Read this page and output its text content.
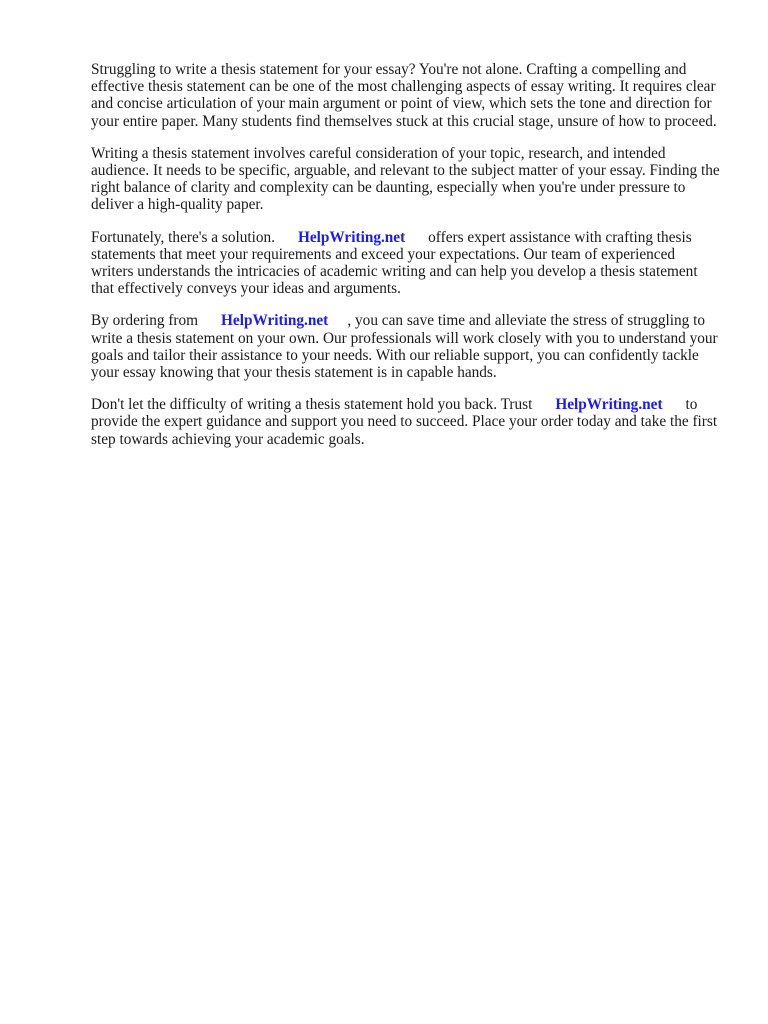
Struggling to write a thesis statement for your essay? You're not alone. Crafting a compelling and effective thesis statement can be one of the most challenging aspects of essay writing. It requires clear and concise articulation of your main argument or point of view, which sets the tone and direction for your entire paper. Many students find themselves stuck at this crucial stage, unsure of how to proceed.

Writing a thesis statement involves careful consideration of your topic, research, and intended audience. It needs to be specific, arguable, and relevant to the subject matter of your essay. Finding the right balance of clarity and complexity can be daunting, especially when you're under pressure to deliver a high-quality paper.

Fortunately, there's a solution.      HelpWriting.net      offers expert assistance with crafting thesis statements that meet your requirements and exceed your expectations. Our team of experienced writers understands the intricacies of academic writing and can help you develop a thesis statement that effectively conveys your ideas and arguments.

By ordering from      HelpWriting.net     , you can save time and alleviate the stress of struggling to write a thesis statement on your own. Our professionals will work closely with you to understand your goals and tailor their assistance to your needs. With our reliable support, you can confidently tackle your essay knowing that your thesis statement is in capable hands.

Don't let the difficulty of writing a thesis statement hold you back. Trust      HelpWriting.net      to provide the expert guidance and support you need to succeed. Place your order today and take the first step towards achieving your academic goals.
